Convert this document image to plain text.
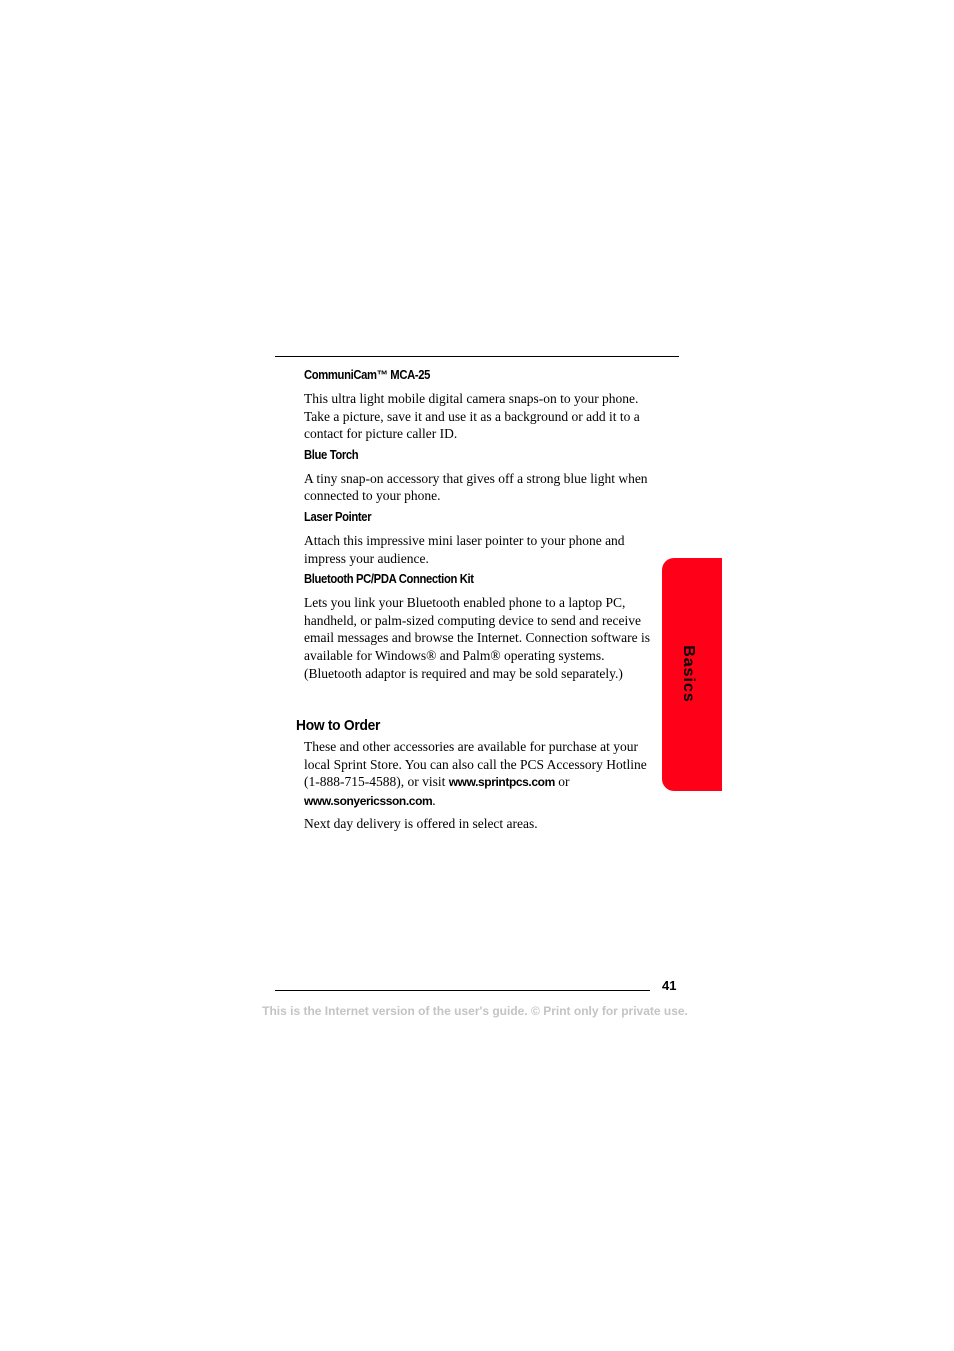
CommuniCam™ MCA-25

This ultra light mobile digital camera snaps-on to your phone. Take a picture, save it and use it as a background or add it to a contact for picture caller ID.

Blue Torch

A tiny snap-on accessory that gives off a strong blue light when connected to your phone.

Laser Pointer

Attach this impressive mini laser pointer to your phone and impress your audience.

Bluetooth PC/PDA Connection Kit

Lets you link your Bluetooth enabled phone to a laptop PC, handheld, or palm-sized computing device to send and receive email messages and browse the Internet. Connection software is available for Windows® and Palm® operating systems. (Bluetooth adaptor is required and may be sold separately.)

How to Order

These and other accessories are available for purchase at your local Sprint Store. You can also call the PCS Accessory Hotline (1-888-715-4588), or visit www.sprintpcs.com or www.sonyericsson.com.

Next day delivery is offered in select areas.

Basics
41
This is the Internet version of the user's guide. © Print only for private use.
